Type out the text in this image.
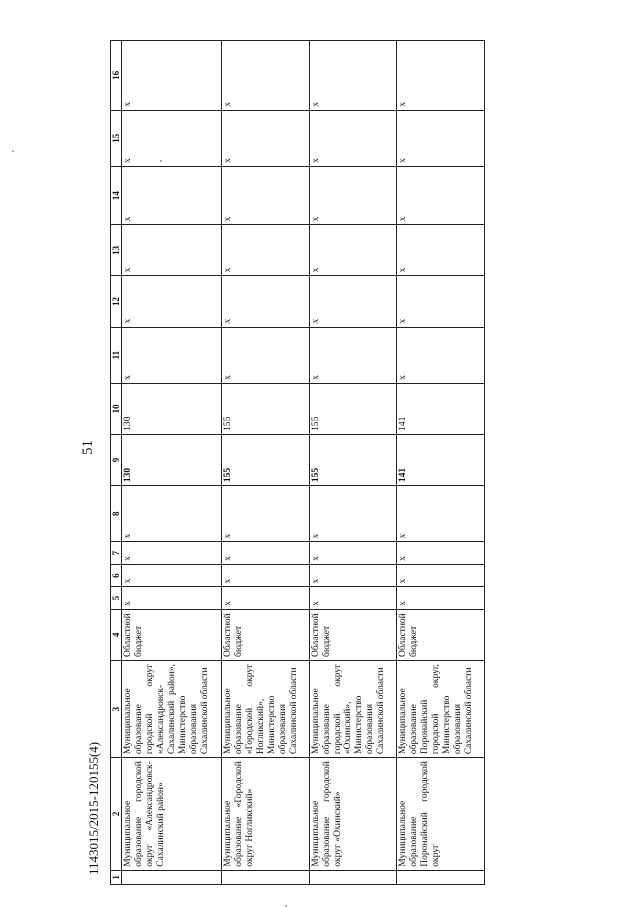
51
1	2	3	4	5	6	7	8	9	10	11	12	13	14	15	16
	Муниципальное образование городской округ «Александровск-Сахалинский район»	Муниципальное образование городской округ «Александровск-Сахалинский район», Министерство образования Сахалинской области	Областной бюджет	x	x	x	x	130	130	x	x	x	x	x	x
	Муниципальное образование «Городской округ Ногликский»	Муниципальное образование «Городской округ Ногликский», Министерство образования Сахалинской области	Областной бюджет	x	x	x	x	155	155	x	x	x	x	x	x
	Муниципальное образование городской округ «Охинский»	Муниципальное образование городской округ «Охинский», Министерство образования Сахалинской области	Областной бюджет	x	x	x	x	155	155	x	x	x	x	x	x
	Муниципальное образование Поронайский городской округ	Муниципальное образование Поронайский городской округ, Министерство образования Сахалинской области	Областной бюджет	x	x	x	x	141	141	x	x	x	x	x	x
1143015/2015-120155(4)
